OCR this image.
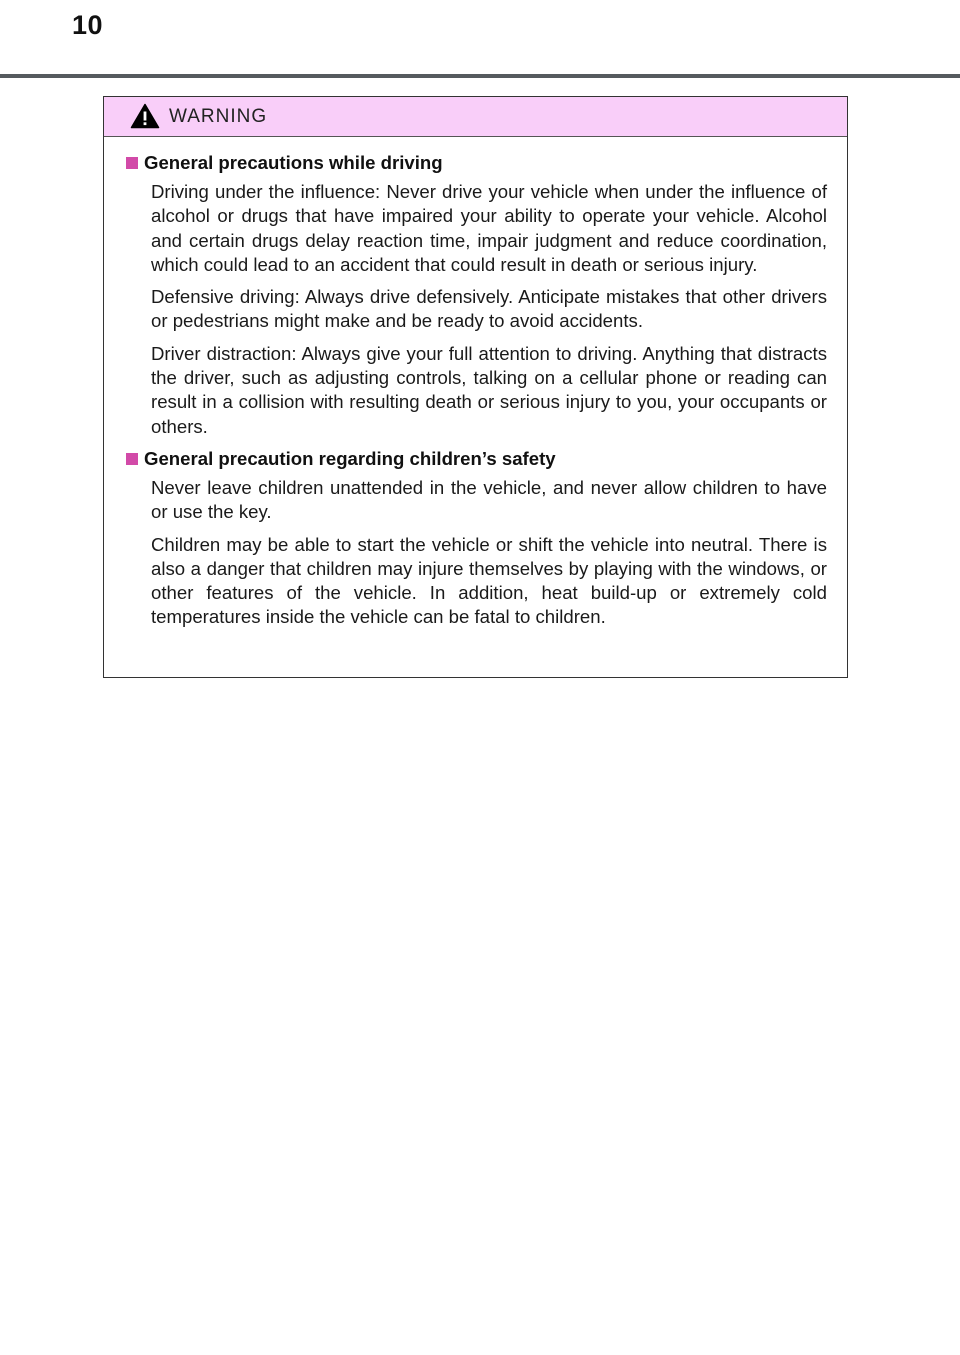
10
WARNING
General precautions while driving

Driving under the influence: Never drive your vehicle when under the influence of alcohol or drugs that have impaired your ability to operate your vehicle. Alcohol and certain drugs delay reaction time, impair judgment and reduce coordination, which could lead to an accident that could result in death or serious injury.

Defensive driving: Always drive defensively. Anticipate mistakes that other drivers or pedestrians might make and be ready to avoid accidents.

Driver distraction: Always give your full attention to driving. Anything that distracts the driver, such as adjusting controls, talking on a cellular phone or reading can result in a collision with resulting death or serious injury to you, your occupants or others.

General precaution regarding children’s safety

Never leave children unattended in the vehicle, and never allow children to have or use the key.

Children may be able to start the vehicle or shift the vehicle into neutral. There is also a danger that children may injure themselves by playing with the windows, or other features of the vehicle. In addition, heat build-up or extremely cold temperatures inside the vehicle can be fatal to children.
